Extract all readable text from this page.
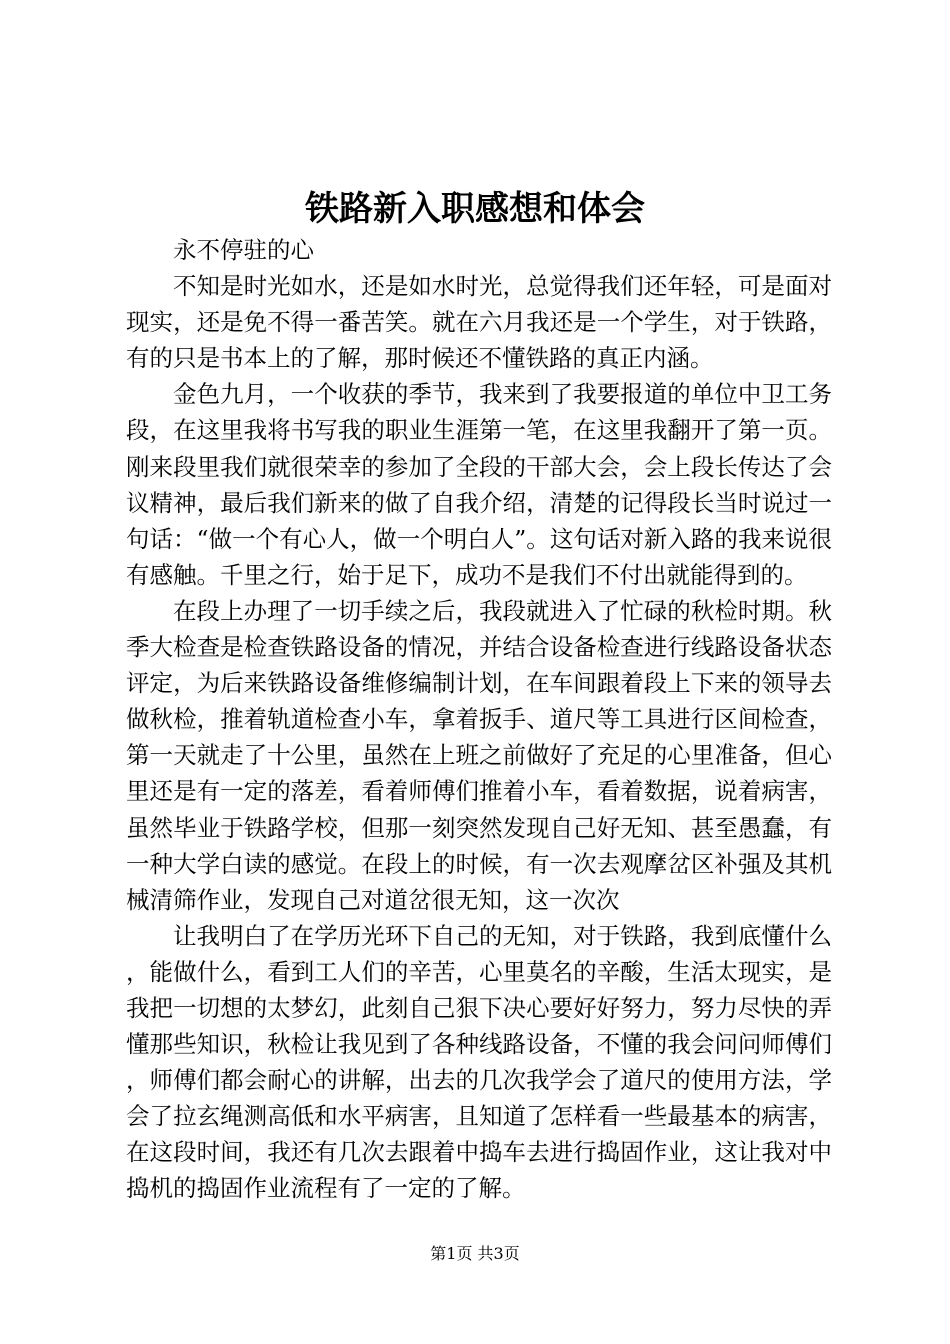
铁路新入职感想和体会

永不停驻的心

不知是时光如水，还是如水时光，总觉得我们还年轻，可是面对现实，还是免不得一番苦笑。就在六月我还是一个学生，对于铁路，有的只是书本上的了解，那时候还不懂铁路的真正内涵。

金色九月，一个收获的季节，我来到了我要报道的单位中卫工务段，在这里我将书写我的职业生涯第一笔，在这里我翻开了第一页。刚来段里我们就很荣幸的参加了全段的干部大会，会上段长传达了会议精神，最后我们新来的做了自我介绍，清楚的记得段长当时说过一句话：“做一个有心人，做一个明白人”。这句话对新入路的我来说很有感触。千里之行，始于足下，成功不是我们不付出就能得到的。

在段上办理了一切手续之后，我段就进入了忙碌的秋检时期。秋季大检查是检查铁路设备的情况，并结合设备检查进行线路设备状态评定，为后来铁路设备维修编制计划，在车间跟着段上下来的领导去做秋检，推着轨道检查小车，拿着扳手、道尺等工具进行区间检查，第一天就走了十公里，虽然在上班之前做好了充足的心里准备，但心里还是有一定的落差，看着师傅们推着小车，看着数据，说着病害，虽然毕业于铁路学校，但那一刻突然发现自己好无知、甚至愚蠢，有一种大学白读的感觉。在段上的时候，有一次去观摩岔区补强及其机械清筛作业，发现自己对道岔很无知，这一次次

让我明白了在学历光环下自己的无知，对于铁路，我到底懂什么，能做什么，看到工人们的辛苦，心里莫名的辛酸，生活太现实，是我把一切想的太梦幻，此刻自己狠下决心要好好努力，努力尽快的弄懂那些知识，秋检让我见到了各种线路设备，不懂的我会问问师傅们，师傅们都会耐心的讲解，出去的几次我学会了道尺的使用方法，学会了拉玄绳测高低和水平病害，且知道了怎样看一些最基本的病害，在这段时间，我还有几次去跟着中捣车去进行捣固作业，这让我对中捣机的捣固作业流程有了一定的了解。

第1页 共3页
